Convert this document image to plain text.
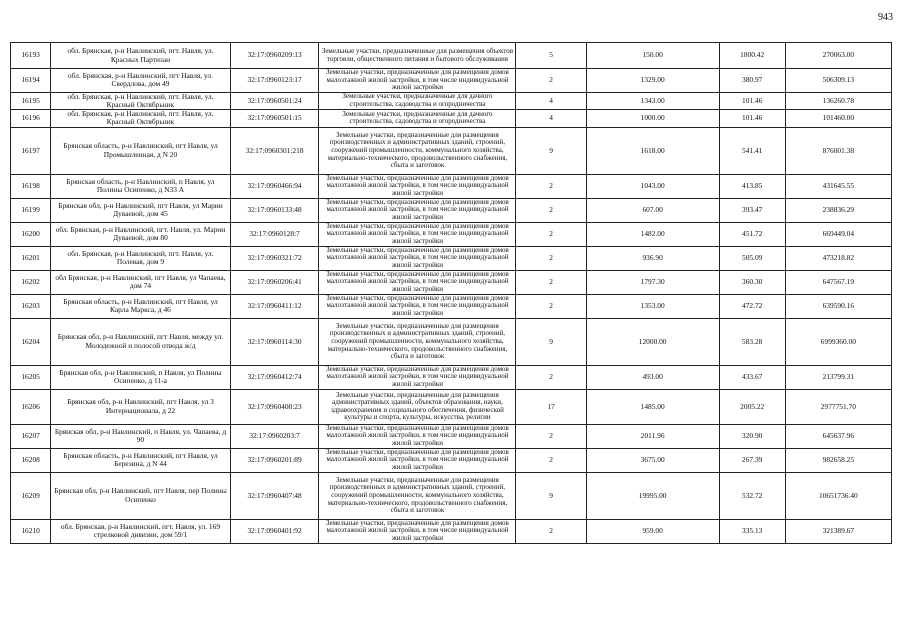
943
16193	обл. Брянская, р-н Навлинский, пгт. Навля, ул. Красных Партизан	32:17:0960209:13	Земельные участки, предназначенные для размещения объектов торговли, общественного питания и бытового обслуживания	5	150.00	1800.42	270063.00
16194	обл. Брянская, р-н Навлинский, пгт Навля, ул. Свердлова, дом 49	32:17:0960123:17	Земельные участки, предназначенные для размещения домов малоэтажной жилой застройки, в том числе индивидуальной жилой застройки	2	1329.00	380.97	506309.13
16195	обл. Брянская, р-н Навлинский, пгт. Навля, ул. Красный Октябрьник	32:17:0960501:24	Земельные участки, предназначенные для дачного строительства, садоводства и огородничества	4	1343.00	101.46	136260.78
16196	обл. Брянская, р-н Навлинский, пгт. Навля, ул. Красный Октябрьник	32:17:0960501:15	Земельные участки, предназначенные для дачного строительства, садоводства и огородничества	4	1000.00	101.46	101460.00
16197	Брянская область, р-н Навлинский, пгт Навля, ул Промышленная, д N 20	32:17:0960301:218	Земельные участки, предназначенные для размещения производственных и административных зданий, строений, сооружений промышленности, коммунального хозяйства, материально-технического, продовольственного снабжения, сбыта и заготовок	9	1618.00	541.41	876001.38
16198	Брянская область, р-н Навлинский, п Навля, ул Полины Осипенко, д N33 А	32:17:0960466:94	Земельные участки, предназначенные для размещения домов малоэтажной жилой застройки, в том числе индивидуальной жилой застройки	2	1043.00	413.85	431645.55
16199	Брянская обл, р-н Навлинский, пгт Навля, ул Марии Дуваевой, дом 45	32:17:0960133:48	Земельные участки, предназначенные для размещения домов малоэтажной жилой застройки, в том числе индивидуальной жилой застройки	2	607.00	393.47	238836.29
16200	обл. Брянская, р-н Навлинский, пгт. Навля, ул. Марии Дуваевой, дом 80	32:17:0960128:7	Земельные участки, предназначенные для размещения домов малоэтажной жилой застройки, в том числе индивидуальной жилой застройки	2	1482.00	451.72	669449.04
16201	обл. Брянская, р-н Навлинский, пгт. Навля, ул. Полевая, дом 9	32:17:0960321:72	Земельные участки, предназначенные для размещения домов малоэтажной жилой застройки, в том числе индивидуальной жилой застройки	2	936.90	505.09	473218.82
16202	обл Брянская, р-н Навлинский, пгт Навля, ул Чапаева, дом 74	32:17:0960206:41	Земельные участки, предназначенные для размещения домов малоэтажной жилой застройки, в том числе индивидуальной жилой застройки	2	1797.30	360.30	647567.19
16203	Брянская область, р-н Навлинский, пгт Навля, ул Карла Маркса, д 46	32:17:0960411:12	Земельные участки, предназначенные для размещения домов малоэтажной жилой застройки, в том числе индивидуальной жилой застройки	2	1353.00	472.72	639590.16
16204	Брянская обл, р-н Навлинский, пгт Навля, между ул. Молодежной и полосой отвода ж/д	32:17:0960114:30	Земельные участки, предназначенные для размещения производственных и административных зданий, строений, сооружений промышленности, коммунального хозяйства, материально-технического, продовольственного снабжения, сбыта и заготовок	9	12000.00	583.28	6999360.00
16205	Брянская обл, р-н Навлинский, п Навля, ул Полины Осипенко, д 11-а	32:17:0960412:74	Земельные участки, предназначенные для размещения домов малоэтажной жилой застройки, в том числе индивидуальной жилой застройки	2	493.00	433.67	213799.31
16206	Брянская обл, р-н Навлинский, пгт Навля, ул 3 Интернационала, д 22	32:17:0960408:23	Земельные участки, предназначенные для размещения административных зданий, объектов образования, науки, здравоохранения и социального обеспечения, физической культуры и спорта, культуры, искусства, религии	17	1485.00	2005.22	2977751.70
16207	Брянская обл, р-н Навлинский, п Навля, ул. Чапаева, д 90	32:17:0960203:7	Земельные участки, предназначенные для размещения домов малоэтажной жилой застройки, в том числе индивидуальной жилой застройки	2	2011.96	320.90	645637.96
16208	Брянская область, р-н Навлинский, пгт Навля, ул Березина, д N 44	32:17:0960201:89	Земельные участки, предназначенные для размещения домов малоэтажной жилой застройки, в том числе индивидуальной жилой застройки	2	3675.00	267.39	982658.25
16209	Брянская обл, р-н Навлинский, пгт Навля, пер Полины Осипенко	32:17:0960407:48	Земельные участки, предназначенные для размещения производственных и административных зданий, строений, сооружений промышленности, коммунального хозяйства, материально-технического, продовольственного снабжения, сбыта и заготовок	9	19995.00	532.72	10651736.40
16210	обл. Брянская, р-н Навлинский, пгт. Навля, ул. 169 стрелковой дивизии, дом 59/1	32:17:0960401:92	Земельные участки, предназначенные для размещения домов малоэтажной жилой застройки, в том числе индивидуальной жилой застройки	2	959.00	335.13	321389.67
